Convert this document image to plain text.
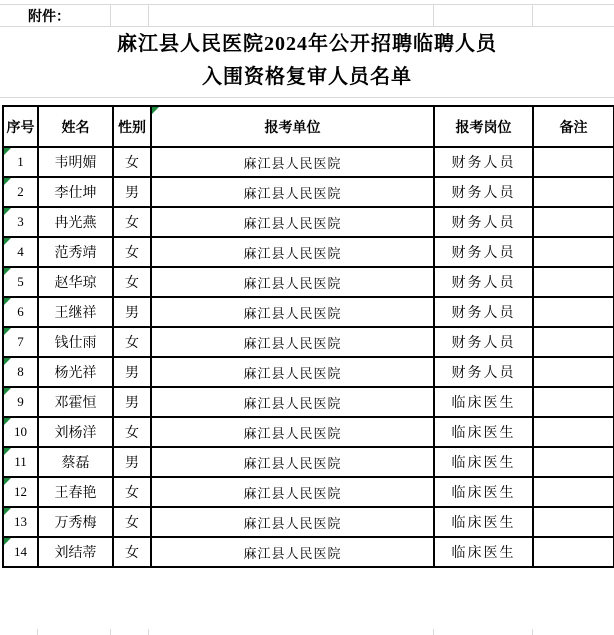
附件：
麻江县人民医院2024年公开招聘临聘人员
入围资格复审人员名单
序号	姓名	性别	报考单位	报考岗位	备注

1	韦明媚	女	麻江县人民医院	财务人员	

2	李仕坤	男	麻江县人民医院	财务人员	

3	冉光燕	女	麻江县人民医院	财务人员	

4	范秀靖	女	麻江县人民医院	财务人员	

5	赵华琼	女	麻江县人民医院	财务人员	

6	王继祥	男	麻江县人民医院	财务人员	

7	钱仕雨	女	麻江县人民医院	财务人员	

8	杨光祥	男	麻江县人民医院	财务人员	

9	邓霍恒	男	麻江县人民医院	临床医生	

10	刘杨洋	女	麻江县人民医院	临床医生	

11	蔡磊	男	麻江县人民医院	临床医生	

12	王春艳	女	麻江县人民医院	临床医生	

13	万秀梅	女	麻江县人民医院	临床医生	

14	刘结蒂	女	麻江县人民医院	临床医生	
